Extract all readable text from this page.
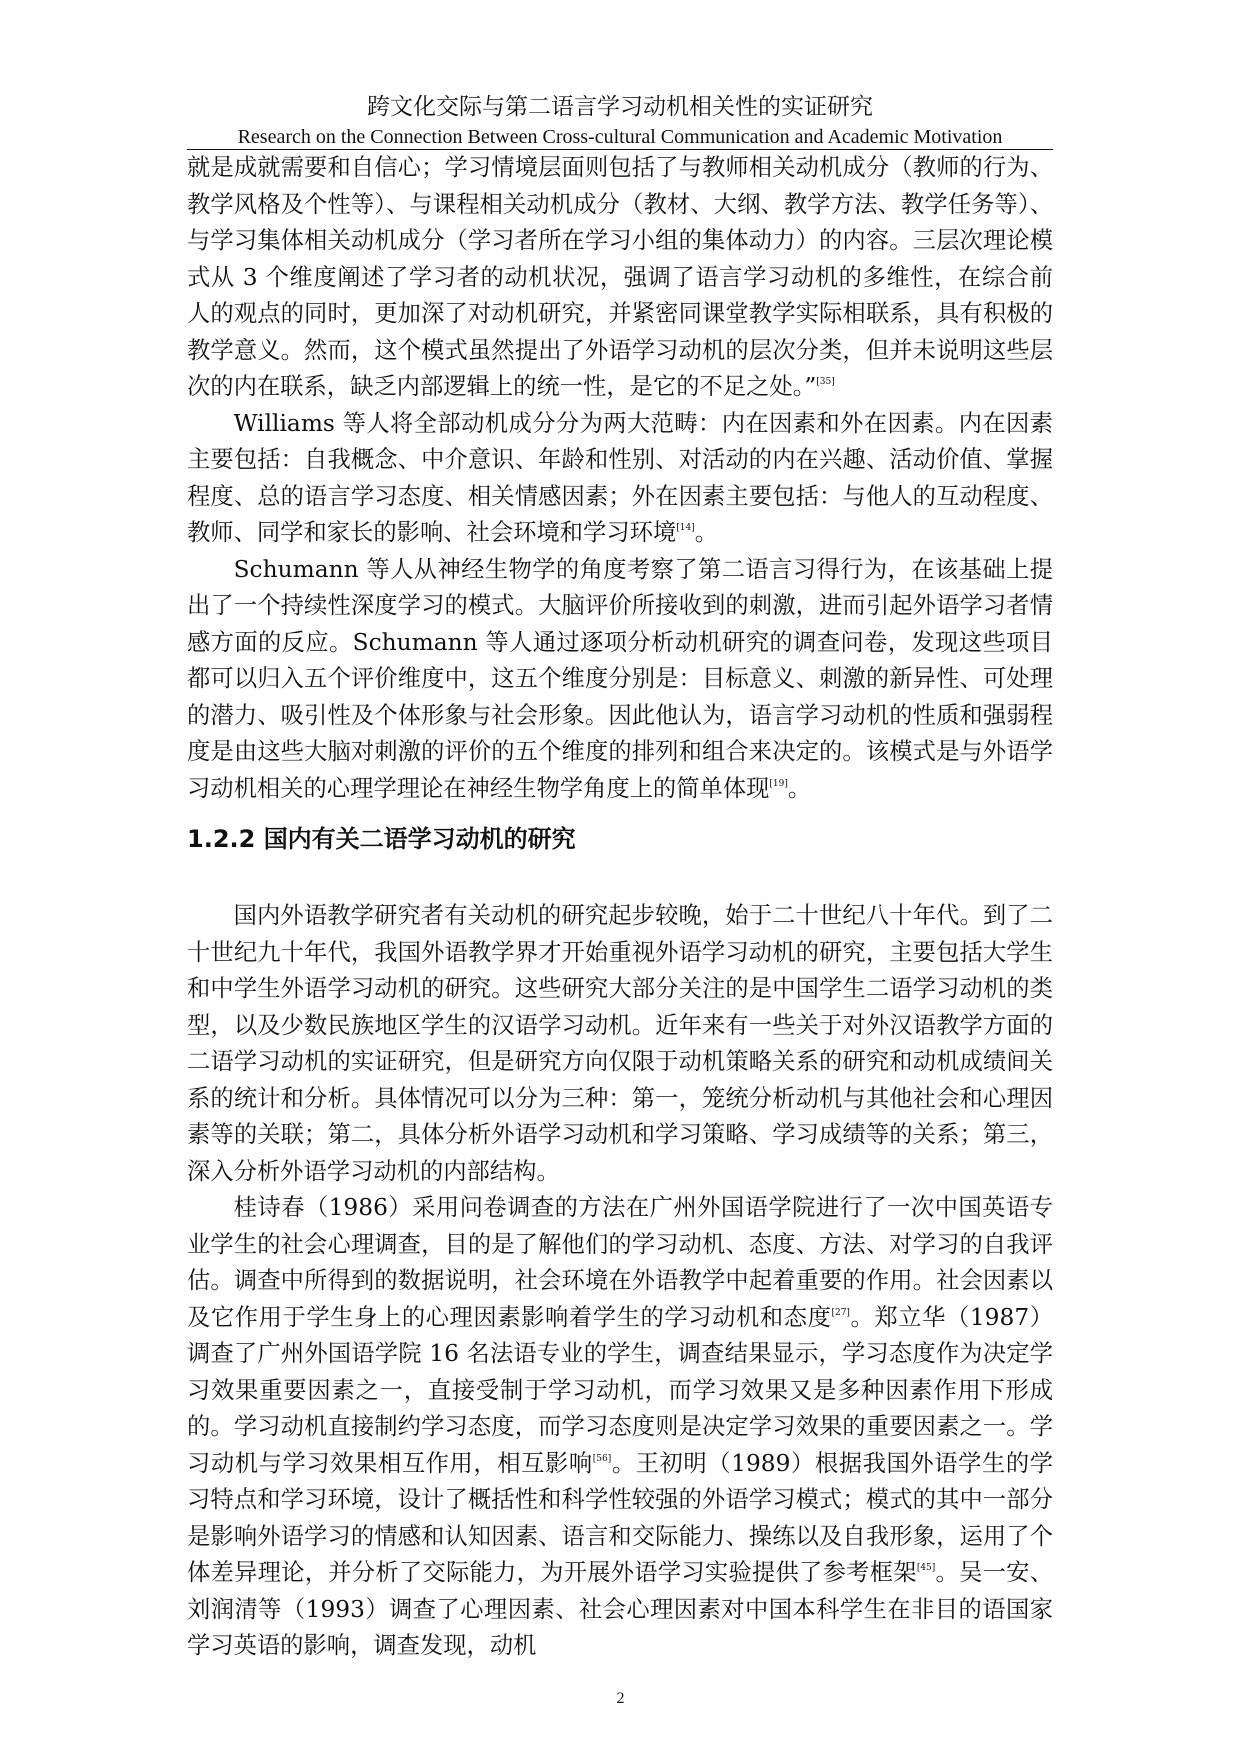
跨文化交际与第二语言学习动机相关性的实证研究
Research on the Connection Between Cross-cultural Communication and Academic Motivation

就是成就需要和自信心；学习情境层面则包括了与教师相关动机成分（教师的行为、教学风格及个性等）、与课程相关动机成分（教材、大纲、教学方法、教学任务等）、与学习集体相关动机成分（学习者所在学习小组的集体动力）的内容。三层次理论模式从 3 个维度阐述了学习者的动机状况，强调了语言学习动机的多维性，在综合前人的观点的同时，更加深了对动机研究，并紧密同课堂教学实际相联系，具有积极的教学意义。然而，这个模式虽然提出了外语学习动机的层次分类，但并未说明这些层次的内在联系，缺乏内部逻辑上的统一性，是它的不足之处。”[35]

Williams 等人将全部动机成分分为两大范畴：内在因素和外在因素。内在因素主要包括：自我概念、中介意识、年龄和性别、对活动的内在兴趣、活动价值、掌握程度、总的语言学习态度、相关情感因素；外在因素主要包括：与他人的互动程度、教师、同学和家长的影响、社会环境和学习环境[14]。

Schumann 等人从神经生物学的角度考察了第二语言习得行为，在该基础上提出了一个持续性深度学习的模式。大脑评价所接收到的刺激，进而引起外语学习者情感方面的反应。Schumann 等人通过逐项分析动机研究的调查问卷，发现这些项目都可以归入五个评价维度中，这五个维度分别是：目标意义、刺激的新异性、可处理的潜力、吸引性及个体形象与社会形象。因此他认为，语言学习动机的性质和强弱程度是由这些大脑对刺激的评价的五个维度的排列和组合来决定的。该模式是与外语学习动机相关的心理学理论在神经生物学角度上的简单体现[19]。

1.2.2 国内有关二语学习动机的研究

国内外语教学研究者有关动机的研究起步较晚，始于二十世纪八十年代。到了二十世纪九十年代，我国外语教学界才开始重视外语学习动机的研究，主要包括大学生和中学生外语学习动机的研究。这些研究大部分关注的是中国学生二语学习动机的类型，以及少数民族地区学生的汉语学习动机。近年来有一些关于对外汉语教学方面的二语学习动机的实证研究，但是研究方向仅限于动机策略关系的研究和动机成绩间关系的统计和分析。具体情况可以分为三种：第一，笼统分析动机与其他社会和心理因素等的关联；第二，具体分析外语学习动机和学习策略、学习成绩等的关系；第三，深入分析外语学习动机的内部结构。

桂诗春（1986）采用问卷调查的方法在广州外国语学院进行了一次中国英语专业学生的社会心理调查，目的是了解他们的学习动机、态度、方法、对学习的自我评估。调查中所得到的数据说明，社会环境在外语教学中起着重要的作用。社会因素以及它作用于学生身上的心理因素影响着学生的学习动机和态度[27]。郑立华（1987）调查了广州外国语学院 16 名法语专业的学生，调查结果显示，学习态度作为决定学习效果重要因素之一，直接受制于学习动机，而学习效果又是多种因素作用下形成的。学习动机直接制约学习态度，而学习态度则是决定学习效果的重要因素之一。学习动机与学习效果相互作用，相互影响[56]。王初明（1989）根据我国外语学生的学习特点和学习环境，设计了概括性和科学性较强的外语学习模式；模式的其中一部分是影响外语学习的情感和认知因素、语言和交际能力、操练以及自我形象，运用了个体差异理论，并分析了交际能力，为开展外语学习实验提供了参考框架[45]。吴一安、刘润清等（1993）调查了心理因素、社会心理因素对中国本科学生在非目的语国家学习英语的影响，调查发现，动机

2
